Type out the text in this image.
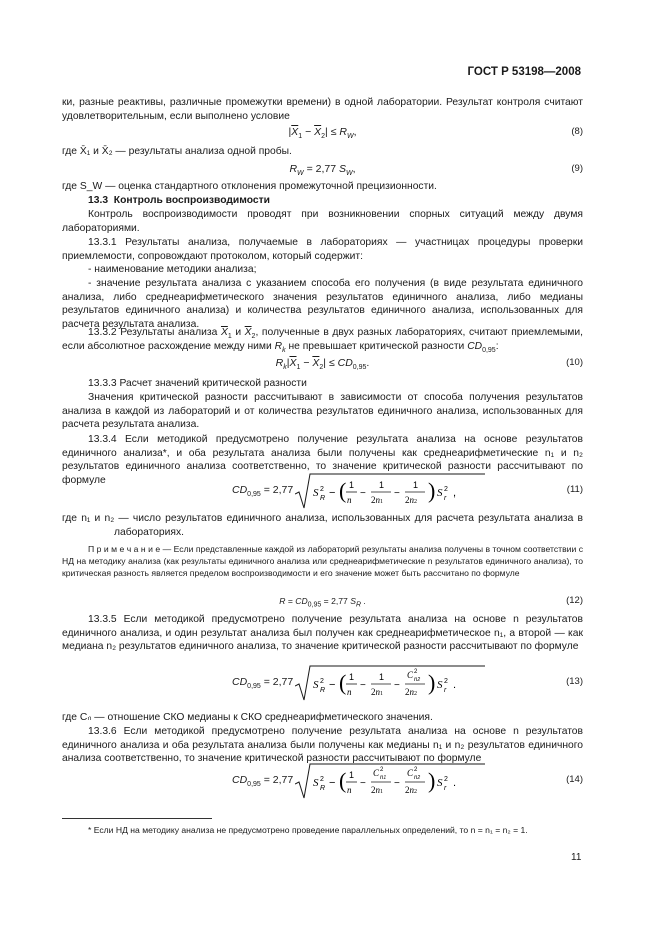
ГОСТ Р 53198—2008

ки, разные реактивы, различные промежутки времени) в одной лаборатории. Результат контроля считают удовлетворительным, если выполнено условие

$|\overline{X}_1 - \overline{X}_2| \le R_W$,	(8)

где X̄₁ и X̄₂ — результаты анализа одной пробы.

$R_W = 2,77$ $S_W$,	(9)

где S_W — оценка стандартного отклонения промежуточной прецизионности.

13.3 Контроль воспроизводимости

Контроль воспроизводимости проводят при возникновении спорных ситуаций между двумя лабораториями.

13.3.1 Результаты анализа, получаемые в лабораториях — участницах процедуры проверки приемлемости, сопровождают протоколом, который содержит:

- наименование методики анализа;

- значение результата анализа с указанием способа его получения (в виде результата единичного анализа, либо среднеарифметического значения результатов единичного анализа, либо медианы результатов единичного анализа) и количества результатов единичного анализа, использованных для расчета результата анализа.

13.3.2 Результаты анализа $\overline{X}_1$ и $\overline{X}_2$, полученные в двух разных лабораториях, считают приемлемыми, если абсолютное расхождение между ними $R_k$ не превышает критической разности $CD_{0,95}$:

$R_k|\overline{X}_1 - \overline{X}_2| \le CD_{0,95}$.	(10)

13.3.3 Расчет значений критической разности

Значения критической разности рассчитывают в зависимости от способа получения результатов анализа в каждой из лабораторий и от количества результатов единичного анализа, использованных для расчета результата анализа.

13.3.4 Если методикой предусмотрено получение результата анализа на основе результатов единичного анализа*, и оба результата анализа были получены как среднеарифметические n₁ и n₂ результатов единичного анализа соответственно, то значение критической разности рассчитывают по формуле

$CD_{0,95} = 2,77$ S 2
R − ( 1
n
−
1
2n1
−
1
2n2 ) S 2
r ,	(11)

где n₁ и n₂ — число результатов единичного анализа, использованных для расчета результата анализа в лабораториях.

П р и м е ч а н и е — Если представленные каждой из лабораторий результаты анализа получены в точном соответствии с НД на методику анализа (как результаты единичного анализа или среднеарифметические n результатов единичного анализа), то критическая разность является пределом воспроизводимости и его значение может быть рассчитано по формуле

$R = CD_{0,95} = 2,77$ $S_R$ .	(12)

13.3.5 Если методикой предусмотрено получение результата анализа на основе n результатов единичного анализа, и один результат анализа был получен как среднеарифметическое n₁, а второй — как медиана n₂ результатов единичного анализа, то значение критической разности рассчитывают по формуле

$CD_{0,95} = 2,77$ S 2
R − ( 1
n
−
1
2n1
−
C 2
n2
2n2 ) S 2
r .	(13)

где Cₙ — отношение СКО медианы к СКО среднеарифметического значения.

13.3.6 Если методикой предусмотрено получение результата анализа на основе n результатов единичного анализа и оба результата анализа были получены как медианы n₁ и n₂ результатов единичного анализа соответственно, то значение критической разности рассчитывают по формуле

$CD_{0,95} = 2,77$ S 2
R − ( 1
n
−
C 2
n1
2n1
−
C 2
n2
2n2 ) S 2
r .	(14)

* Если НД на методику анализа не предусмотрено проведение параллельных определений, то n = n₁ = n₂ = 1.

11
